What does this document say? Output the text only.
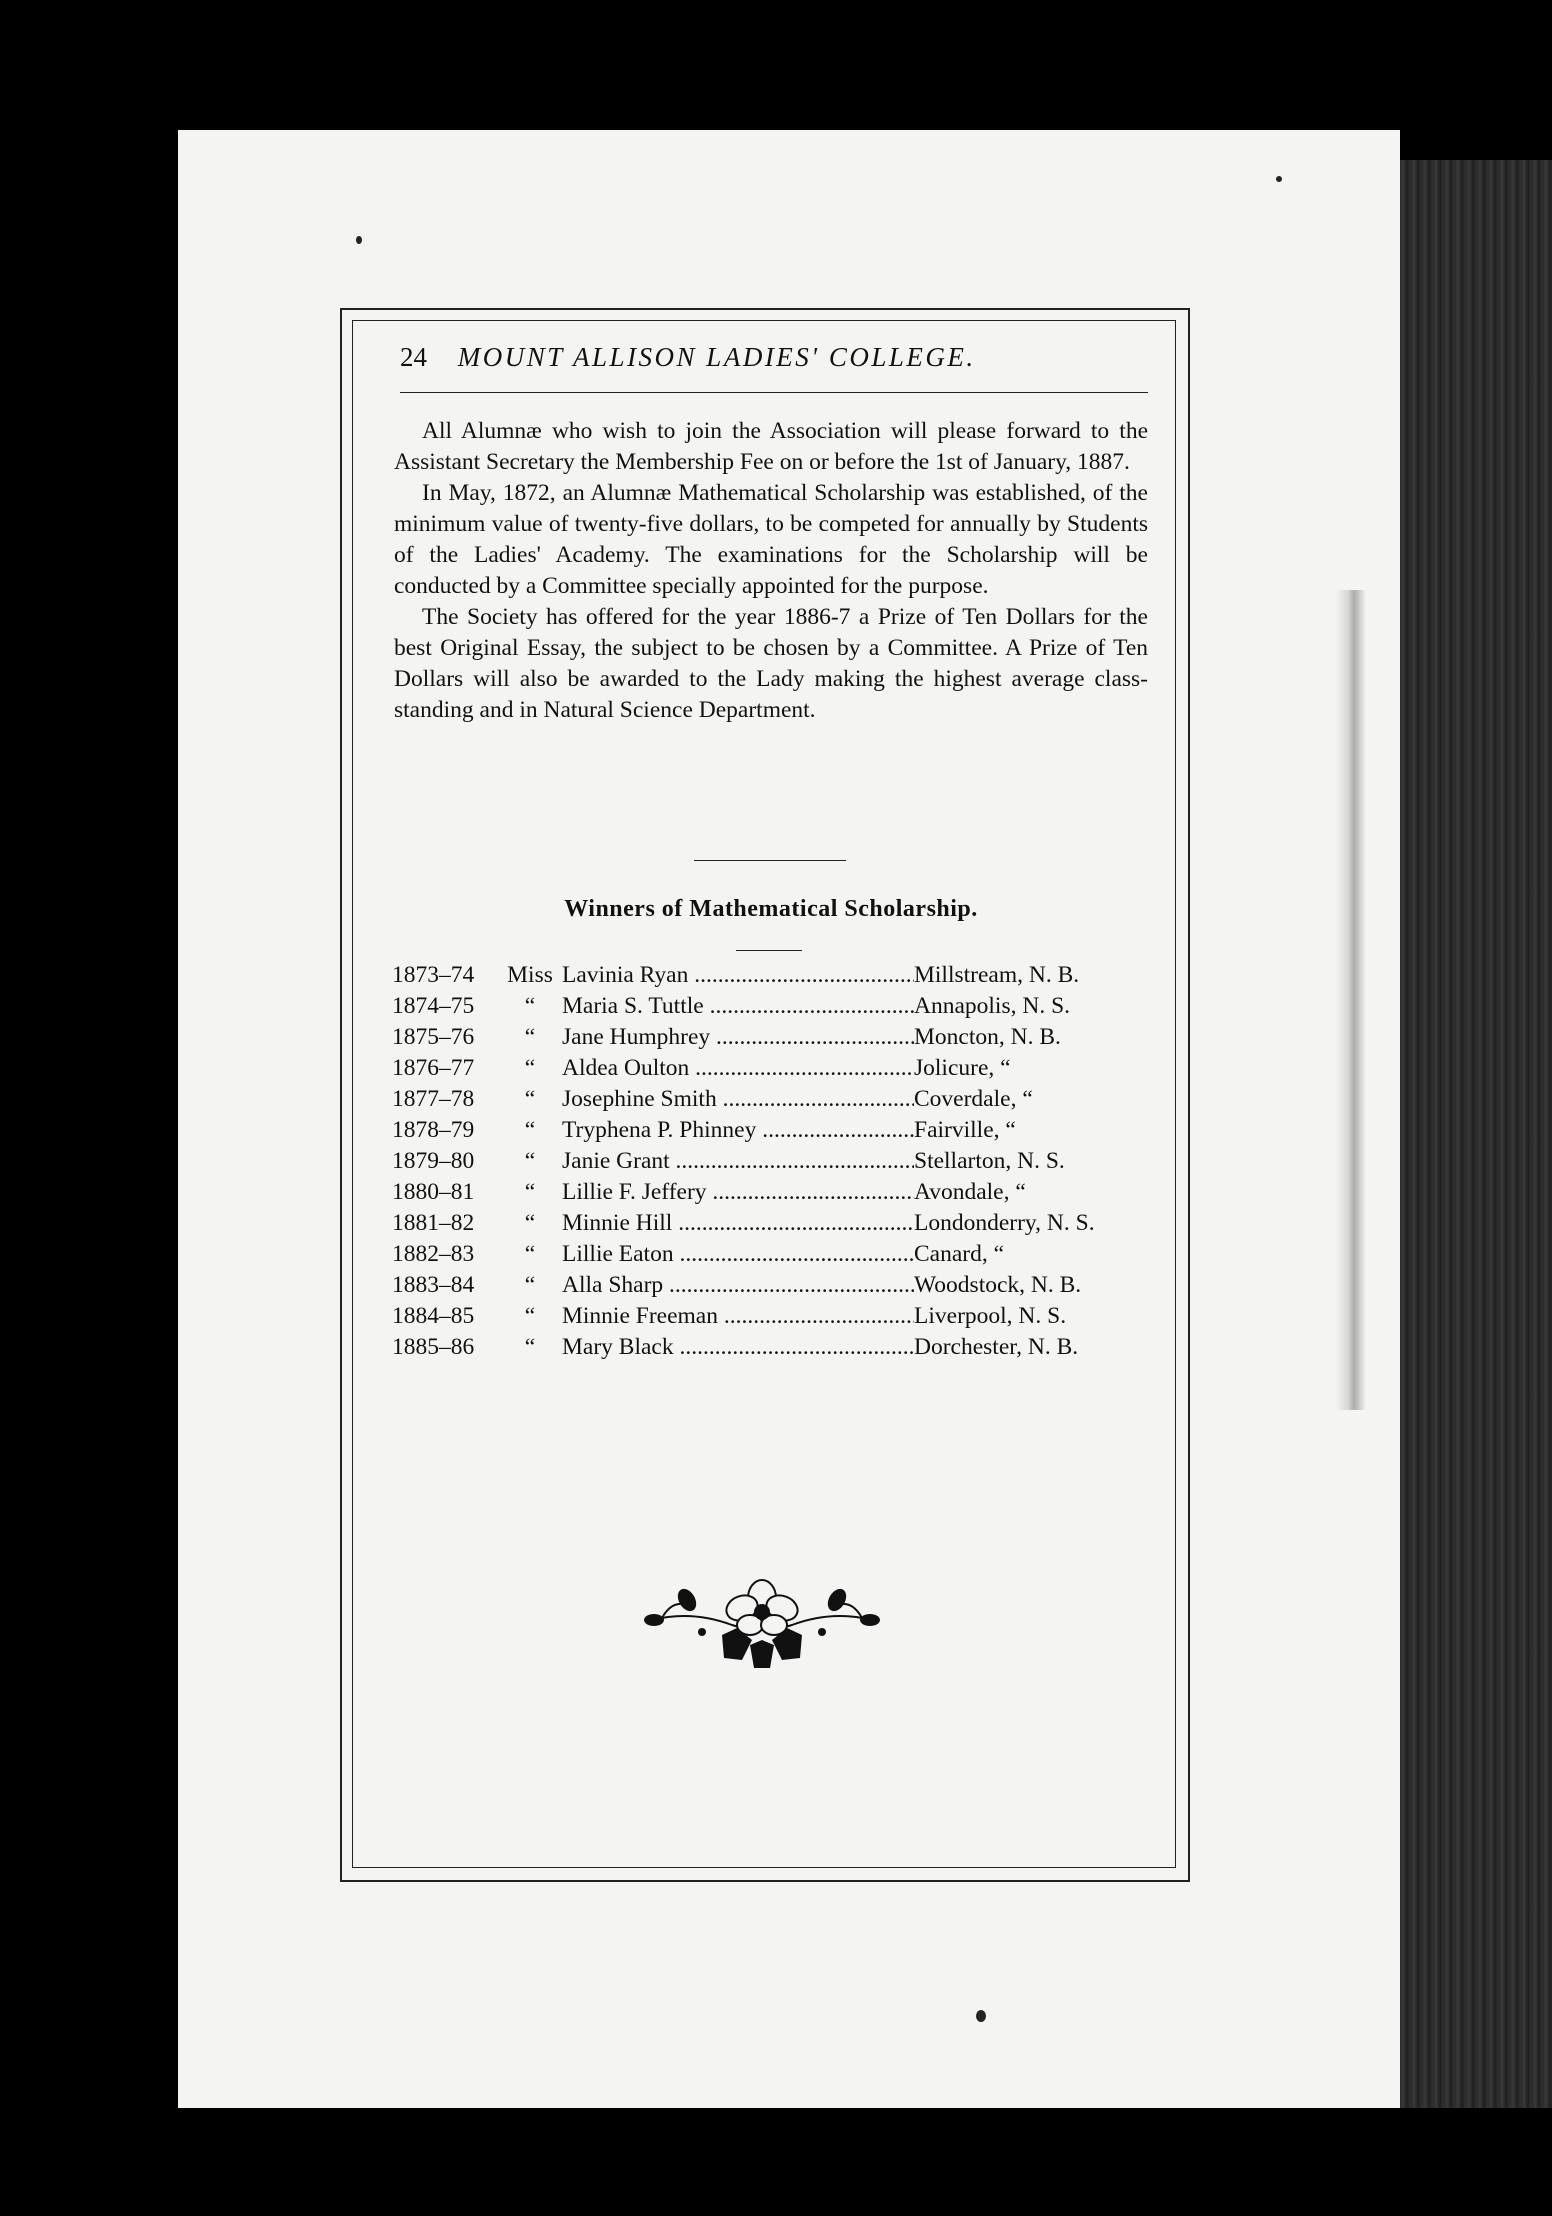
24 MOUNT ALLISON LADIES' COLLEGE.

All Alumnæ who wish to join the Association will please forward to the Assistant Secretary the Membership Fee on or before the 1st of January, 1887.

In May, 1872, an Alumnæ Mathematical Scholarship was established, of the minimum value of twenty-five dollars, to be competed for annually by Students of the Ladies' Academy. The examinations for the Scholarship will be conducted by a Committee specially appointed for the purpose.

The Society has offered for the year 1886-7 a Prize of Ten Dollars for the best Original Essay, the subject to be chosen by a Committee. A Prize of Ten Dollars will also be awarded to the Lady making the highest average class-standing and in Natural Science Department.

Winners of Mathematical Scholarship.
1873–74	Miss Lavinia Ryan .....	Millstream, N. B.
1874–75	“	Maria S. Tuttle .....	Annapolis, N. S.
1875–76	“	Jane Humphrey .....	Moncton, N. B.
1876–77	“	Aldea Oulton .....	Jolicure, “
1877–78	“	Josephine Smith .....	Coverdale, “
1878–79	“	Tryphena P. Phinney .....	Fairville, “
1879–80	“	Janie Grant .....	Stellarton, N. S.
1880–81	“	Lillie F. Jeffery .....	Avondale, “
1881–82	“	Minnie Hill .....	Londonderry, N. S.
1882–83	“	Lillie Eaton .....	Canard, “
1883–84	“	Alla Sharp .....	Woodstock, N. B.
1884–85	“	Minnie Freeman .....	Liverpool, N. S.
1885–86	“	Mary Black .....	Dorchester, N. B.
